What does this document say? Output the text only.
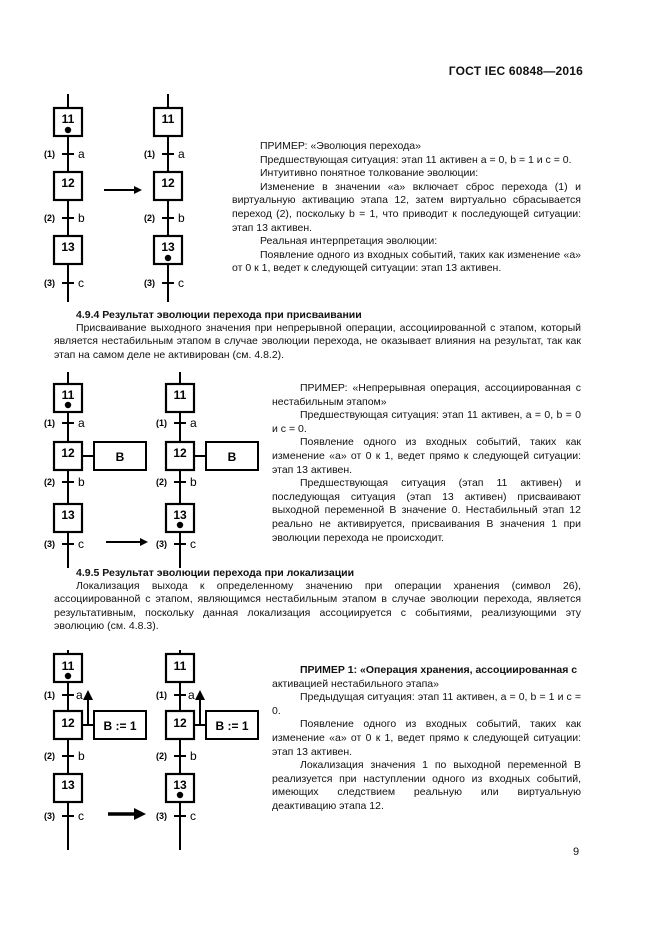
ГОСТ IEC 60848—2016
11
12
13
11
12
13
(1)
(2)
(3)
(1)
(2)
(3)
a
b
c
a
b
c

ПРИМЕР: «Эволюция перехода»

Предшествующая ситуация: этап 11 активен а = 0, b = 1 и с = 0.

Интуитивно понятное толкование эволюции:

Изменение в значении «а» включает сброс перехода (1) и виртуальную активацию этапа 12, затем виртуально сбрасывается переход (2), поскольку b = 1, что приводит к последующей ситуации: этап 13 активен.

Реальная интерпретация эволюции:

Появление одного из входных событий, таких как изменение «а» от 0 к 1, ведет к следующей ситуации: этап 13 активен.

4.9.4 Результат эволюции перехода при присваивании

Присваивание выходного значения при непрерывной операции, ассоциированной с этапом, который является нестабильным этапом в случае эволюции перехода, не оказывает влияния на результат, так как этап на самом деле не активирован (см. 4.8.2).

11
12
13
11
12
13
B	B
(1)
(2)
(3)
(1)
(2)
(3)
a
b
c
a
b
c

ПРИМЕР: «Непрерывная операция, ассоциированная с нестабильным этапом»

Предшествующая ситуация: этап 11 активен, а = 0, b = 0 и с = 0.

Появление одного из входных событий, таких как изменение «а» от 0 к 1, ведет прямо к следующей ситуации: этап 13 активен.

Предшествующая ситуация (этап 11 активен) и последующая ситуация (этап 13 активен) присваивают выходной переменной В значение 0. Нестабильный этап 12 реально не активируется, присваивания В значения 1 при эволюции перехода не происходит.

4.9.5 Результат эволюции перехода при локализации

Локализация выхода к определенному значению при операции хранения (символ 26), ассоциированной с этапом, являющимся нестабильным этапом в случае эволюции перехода, является результативным, поскольку данная локализация ассоциируется с событиями, реализующими эту эволюцию (см. 4.8.3).

11
12
13
11
12
13
B := 1	B := 1
(1)
(2)
(3)
(1)
(2)
(3)
a
b
c
a
b
c

ПРИМЕР 1: «Операция хранения, ассоциированная с

активацией нестабильного этапа»

Предыдущая ситуация: этап 11 активен, а = 0, b = 1 и с = 0.

Появление одного из входных событий, таких как изменение «а» от 0 к 1, ведет прямо к следующей ситуации: этап 13 активен.

Локализация значения 1 по выходной переменной В реализуется при наступлении одного из входных событий, имеющих следствием реальную или виртуальную деактивацию этапа 12.

9
